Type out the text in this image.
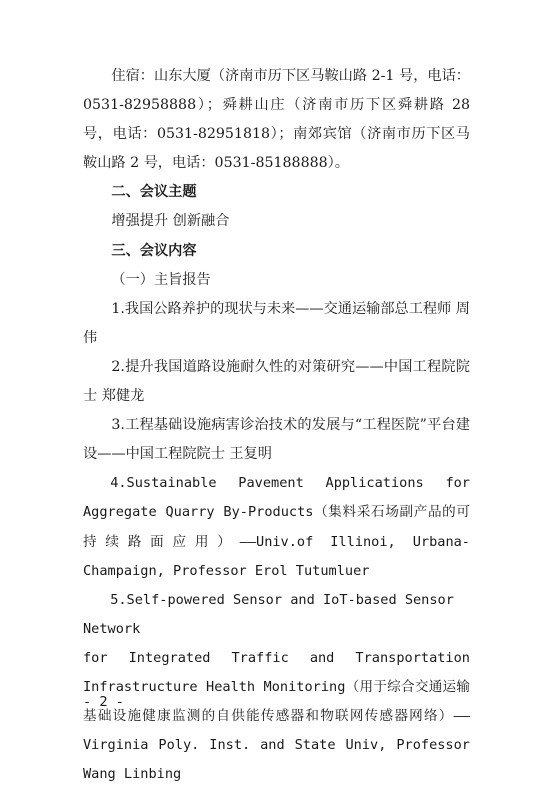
住宿：山东大厦（济南市历下区马鞍山路 2-1 号，电话：0531-82958888）；舜耕山庄（济南市历下区舜耕路 28 号，电话：0531-82951818）；南郊宾馆（济南市历下区马鞍山路 2 号，电话：0531-85188888）。

二、会议主题

增强提升 创新融合

三、会议内容

（一）主旨报告

1.我国公路养护的现状与未来——交通运输部总工程师 周伟

2.提升我国道路设施耐久性的对策研究——中国工程院院士 郑健龙

3.工程基础设施病害诊治技术的发展与“工程医院”平台建设——中国工程院院士 王复明

4.Sustainable Pavement Applications for Aggregate Quarry By-Products（集料采石场副产品的可持续路面应用）——Univ.of Illinoi, Urbana-Champaign, Professor Erol Tutumluer

5.Self-powered Sensor and IoT-based Sensor Network

for Integrated Traffic and Transportation
Infrastructure Health Monitoring（用于综合交通运输基础设施健康监测的自供能传感器和物联网传感器网络）——Virginia Poly. Inst. and State Univ, Professor Wang Linbing
- 2 -
